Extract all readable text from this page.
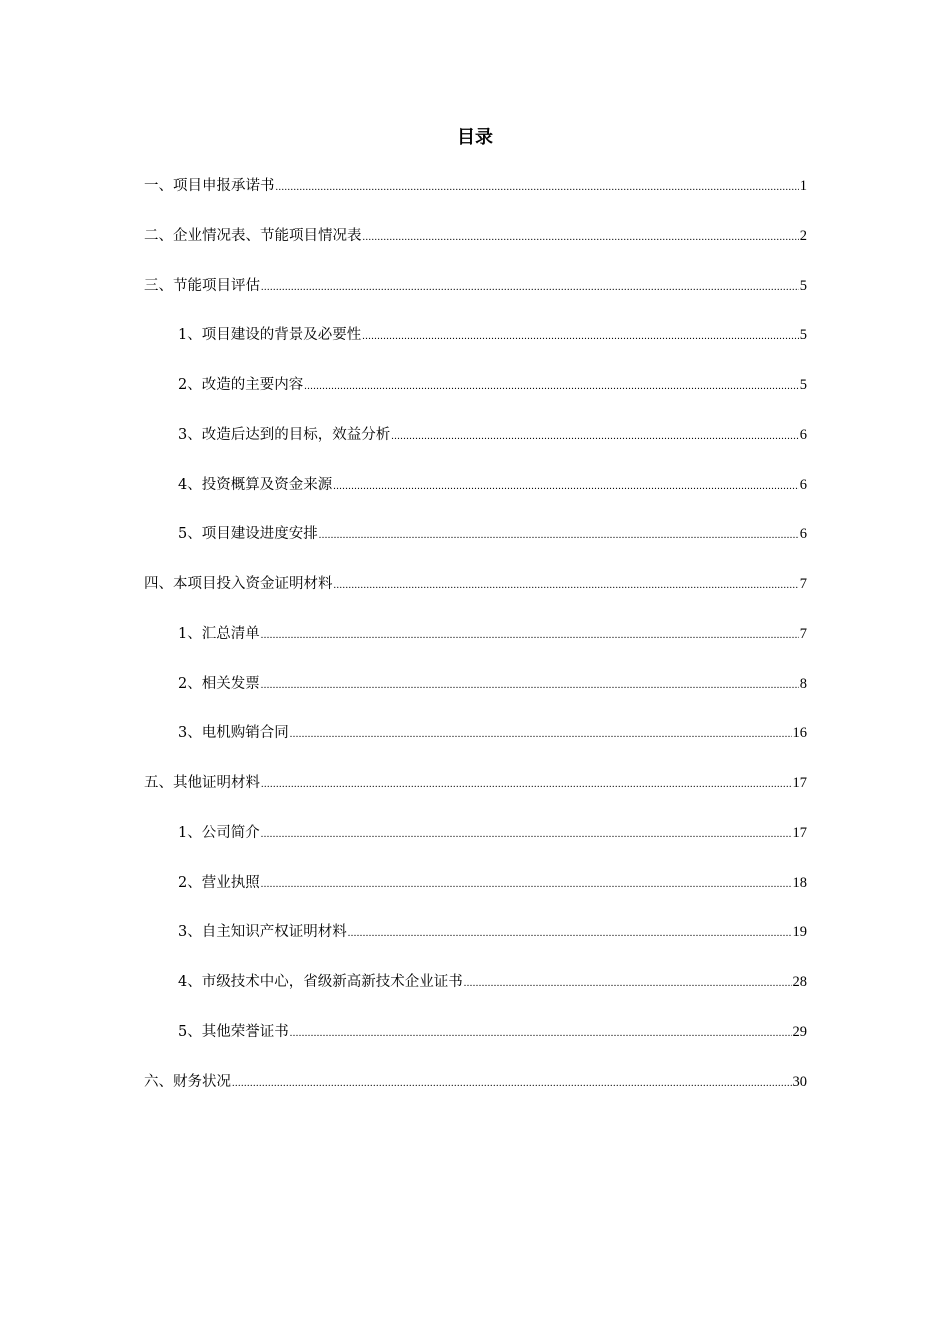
目录
一、项目申报承诺书 .....	1
二、企业情况表、节能项目情况表 .....	2
三、节能项目评估 .....	5
1、项目建设的背景及必要性 .....	5
2、改造的主要内容 .....	5
3、改造后达到的目标，效益分析 .....	6
4、投资概算及资金来源 .....	6
5、项目建设进度安排 .....	6
四、本项目投入资金证明材料 .....	7
1、汇总清单 .....	7
2、相关发票 .....	8
3、电机购销合同 .....	16
五、其他证明材料 .....	17
1、公司简介 .....	17
2、营业执照 .....	18
3、自主知识产权证明材料 .....	19
4、市级技术中心，省级新高新技术企业证书 .....	28
5、其他荣誉证书 .....	29
六、财务状况 .....	30
